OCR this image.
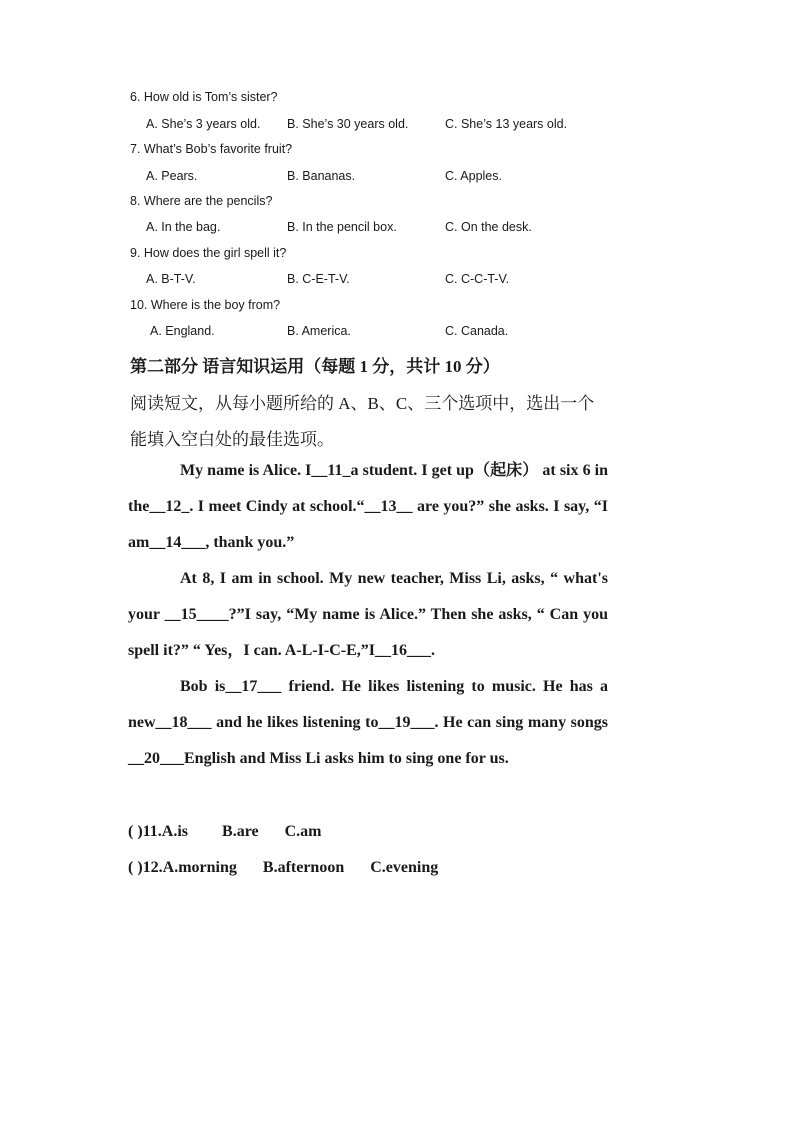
6. How old is Tom’s sister?
A. She’s 3 years old. B. She’s 30 years old.	C. She’s 13 years old.
7. What’s Bob’s favorite fruit?
A. Pears.	B. Bananas.	C. Apples.
8. Where are the pencils?
A. In the bag.	B. In the pencil box.	C. On the desk.
9. How does the girl spell it?
A. B-T-V.	B. C-E-T-V.	C. C-C-T-V.
10. Where is the boy from?
A. England.	B. America.	C. Canada.
第二部分 语言知识运用（每题 1 分，共计 10 分）
阅读短文，从每小题所给的 A、B、C、三个选项中，选出一个
能填入空白处的最佳选项。

My name is Alice. I__11_a student. I get up（起床） at six 6 in the__12_. I meet Cindy at school.“__13__ are you?” she asks. I say, “I am__14___, thank you.”

At 8, I am in school. My new teacher, Miss Li, asks, “ what's your __15____?”I say, “My name is Alice.” Then she asks, “ Can you spell it?” “ Yes，I can. A-L-I-C-E,”I__16___.

Bob is__17___ friend. He likes listening to music. He has a new__18___ and he likes listening to__19___. He can sing many songs __20___English and Miss Li asks him to sing one for us.

( )11.A.is B.are C.am
( )12.A.morning B.afternoon C.evening
